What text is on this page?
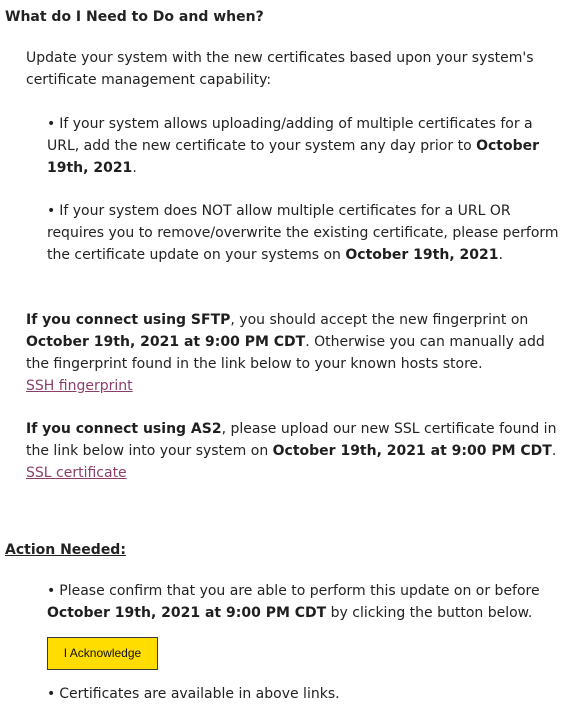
What do I Need to Do and when?
Update your system with the new certificates based upon your system's certificate management capability:
• If your system allows uploading/adding of multiple certificates for a URL, add the new certificate to your system any day prior to October 19th, 2021.
• If your system does NOT allow multiple certificates for a URL OR requires you to remove/overwrite the existing certificate, please perform the certificate update on your systems on October 19th, 2021.
If you connect using SFTP, you should accept the new fingerprint on October 19th, 2021 at 9:00 PM CDT. Otherwise you can manually add the fingerprint found in the link below to your known hosts store.
SSH fingerprint
If you connect using AS2, please upload our new SSL certificate found in the link below into your system on October 19th, 2021 at 9:00 PM CDT.
SSL certificate
Action Needed:
• Please confirm that you are able to perform this update on or before October 19th, 2021 at 9:00 PM CDT by clicking the button below.
I Acknowledge
• Certificates are available in above links.
